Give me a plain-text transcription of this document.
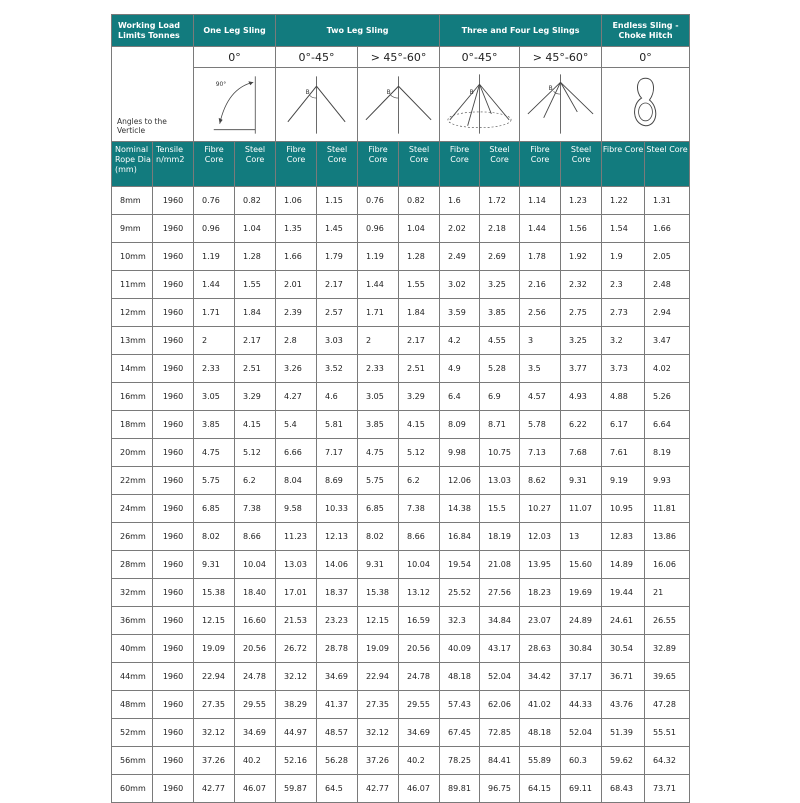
Working Load Limits Tonnes		One Leg Sling		Two Leg Sling				Three and Four Leg Slings				Endless Sling - Choke Hitch	

Angles to the Verticle		0°		0°-45°		> 45°-60°		0°-45°		> 45°-60°		0°	

90°		B		B		B		B

Nominal Rope Dia (mm)	Tensile n/mm2	Fibre Core	Steel Core	Fibre Core	Steel Core	Fibre Core	Steel Core	Fibre Core	Steel Core	Fibre Core	Steel Core	Fibre Core	Steel Core
8mm	1960	0.76	0.82	1.06	1.15	0.76	0.82	1.6	1.72	1.14	1.23	1.22	1.31
9mm	1960	0.96	1.04	1.35	1.45	0.96	1.04	2.02	2.18	1.44	1.56	1.54	1.66
10mm	1960	1.19	1.28	1.66	1.79	1.19	1.28	2.49	2.69	1.78	1.92	1.9	2.05
11mm	1960	1.44	1.55	2.01	2.17	1.44	1.55	3.02	3.25	2.16	2.32	2.3	2.48
12mm	1960	1.71	1.84	2.39	2.57	1.71	1.84	3.59	3.85	2.56	2.75	2.73	2.94
13mm	1960	2	2.17	2.8	3.03	2	2.17	4.2	4.55	3	3.25	3.2	3.47
14mm	1960	2.33	2.51	3.26	3.52	2.33	2.51	4.9	5.28	3.5	3.77	3.73	4.02
16mm	1960	3.05	3.29	4.27	4.6	3.05	3.29	6.4	6.9	4.57	4.93	4.88	5.26
18mm	1960	3.85	4.15	5.4	5.81	3.85	4.15	8.09	8.71	5.78	6.22	6.17	6.64
20mm	1960	4.75	5.12	6.66	7.17	4.75	5.12	9.98	10.75	7.13	7.68	7.61	8.19
22mm	1960	5.75	6.2	8.04	8.69	5.75	6.2	12.06	13.03	8.62	9.31	9.19	9.93
24mm	1960	6.85	7.38	9.58	10.33	6.85	7.38	14.38	15.5	10.27	11.07	10.95	11.81
26mm	1960	8.02	8.66	11.23	12.13	8.02	8.66	16.84	18.19	12.03	13	12.83	13.86
28mm	1960	9.31	10.04	13.03	14.06	9.31	10.04	19.54	21.08	13.95	15.60	14.89	16.06
32mm	1960	15.38	18.40	17.01	18.37	15.38	13.12	25.52	27.56	18.23	19.69	19.44	21
36mm	1960	12.15	16.60	21.53	23.23	12.15	16.59	32.3	34.84	23.07	24.89	24.61	26.55
40mm	1960	19.09	20.56	26.72	28.78	19.09	20.56	40.09	43.17	28.63	30.84	30.54	32.89
44mm	1960	22.94	24.78	32.12	34.69	22.94	24.78	48.18	52.04	34.42	37.17	36.71	39.65
48mm	1960	27.35	29.55	38.29	41.37	27.35	29.55	57.43	62.06	41.02	44.33	43.76	47.28
52mm	1960	32.12	34.69	44.97	48.57	32.12	34.69	67.45	72.85	48.18	52.04	51.39	55.51
56mm	1960	37.26	40.2	52.16	56.28	37.26	40.2	78.25	84.41	55.89	60.3	59.62	64.32
60mm	1960	42.77	46.07	59.87	64.5	42.77	46.07	89.81	96.75	64.15	69.11	68.43	73.71
